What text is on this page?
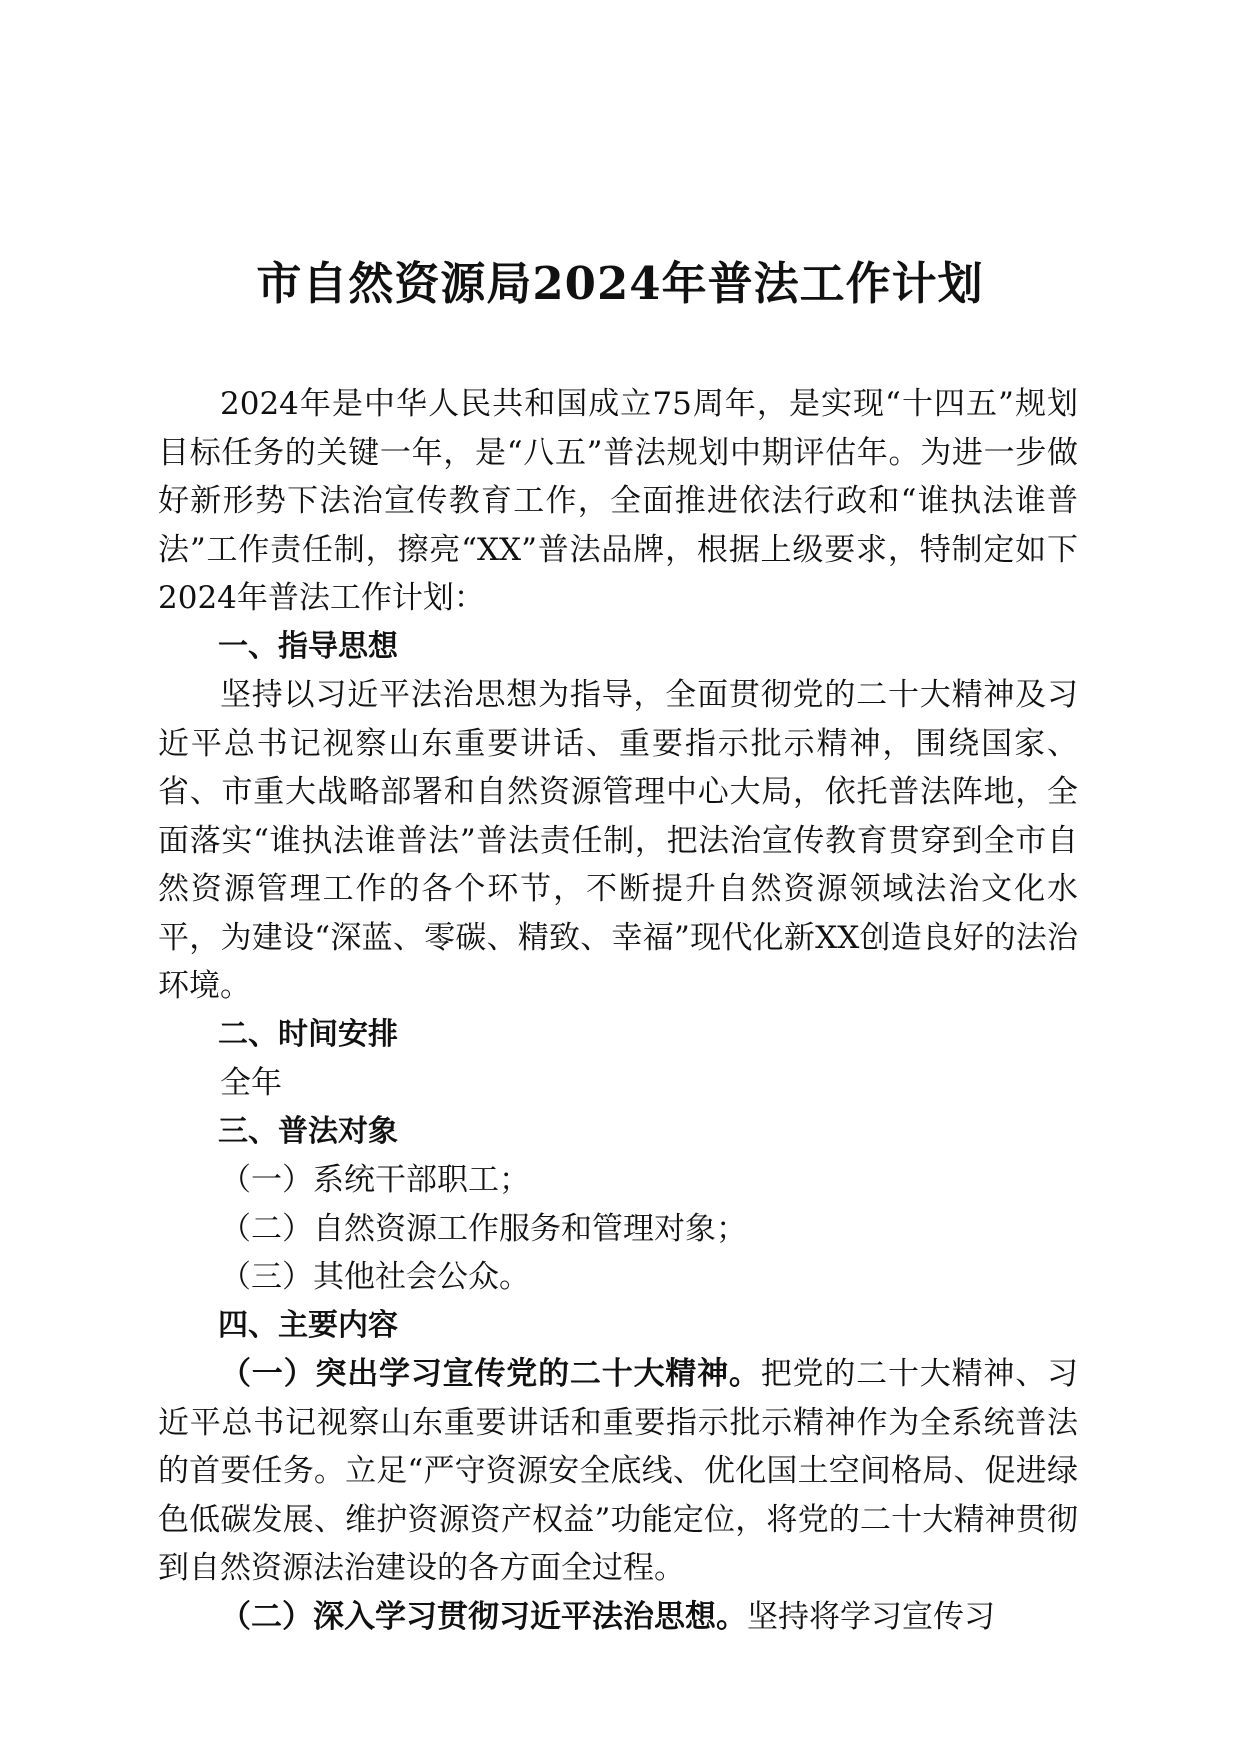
市自然资源局2024年普法工作计划

2024年是中华人民共和国成立75周年，是实现“十四五”规划目标任务的关键一年，是“八五”普法规划中期评估年。为进一步做好新形势下法治宣传教育工作，全面推进依法行政和“谁执法谁普法”工作责任制，擦亮“XX”普法品牌，根据上级要求，特制定如下2024年普法工作计划：

一、指导思想

坚持以习近平法治思想为指导，全面贯彻党的二十大精神及习近平总书记视察山东重要讲话、重要指示批示精神，围绕国家、省、市重大战略部署和自然资源管理中心大局，依托普法阵地，全面落实“谁执法谁普法”普法责任制，把法治宣传教育贯穿到全市自然资源管理工作的各个环节，不断提升自然资源领域法治文化水平，为建设“深蓝、零碳、精致、幸福”现代化新XX创造良好的法治环境。

二、时间安排

全年

三、普法对象

（一）系统干部职工；

（二）自然资源工作服务和管理对象；

（三）其他社会公众。

四、主要内容

（一）突出学习宣传党的二十大精神。把党的二十大精神、习近平总书记视察山东重要讲话和重要指示批示精神作为全系统普法的首要任务。立足“严守资源安全底线、优化国土空间格局、促进绿色低碳发展、维护资源资产权益”功能定位，将党的二十大精神贯彻到自然资源法治建设的各方面全过程。

（二）深入学习贯彻习近平法治思想。坚持将学习宣传习
